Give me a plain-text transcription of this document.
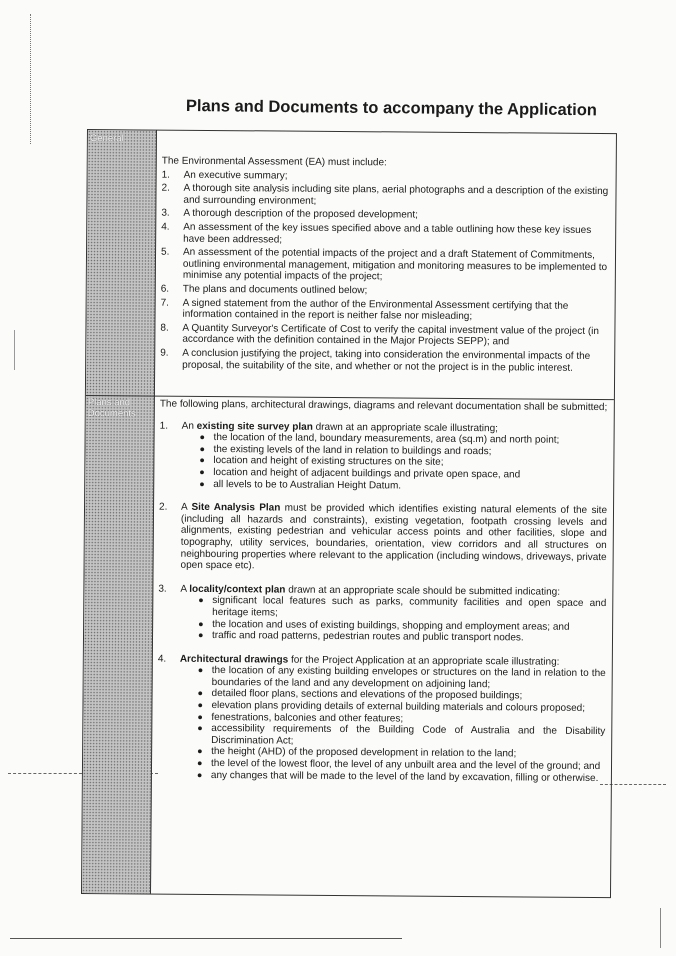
Plans and Documents to accompany the Application
General
Plans and
Documents

The Environmental Assessment (EA) must include:

1. An executive summary;
2. A thorough site analysis including site plans, aerial photographs and a description of the existing and surrounding environment;
3. A thorough description of the proposed development;
4. An assessment of the key issues specified above and a table outlining how these key issues have been addressed;
5. An assessment of the potential impacts of the project and a draft Statement of Commitments, outlining environmental management, mitigation and monitoring measures to be implemented to minimise any potential impacts of the project;
6. The plans and documents outlined below;
7. A signed statement from the author of the Environmental Assessment certifying that the information contained in the report is neither false nor misleading;
8. A Quantity Surveyor's Certificate of Cost to verify the capital investment value of the project (in accordance with the definition contained in the Major Projects SEPP); and
9. A conclusion justifying the project, taking into consideration the environmental impacts of the proposal, the suitability of the site, and whether or not the project is in the public interest.

The following plans, architectural drawings, diagrams and relevant documentation shall be submitted;

1. An existing site survey plan drawn at an appropriate scale illustrating;
● the location of the land, boundary measurements, area (sq.m) and north point;
● the existing levels of the land in relation to buildings and roads;
● location and height of existing structures on the site;
● location and height of adjacent buildings and private open space, and
● all levels to be to Australian Height Datum.
2. A Site Analysis Plan must be provided which identifies existing natural elements of the site (including all hazards and constraints), existing vegetation, footpath crossing levels and alignments, existing pedestrian and vehicular access points and other facilities, slope and topography, utility services, boundaries, orientation, view corridors and all structures on neighbouring properties where relevant to the application (including windows, driveways, private open space etc).
3. A locality/context plan drawn at an appropriate scale should be submitted indicating:
● significant local features such as parks, community facilities and open space and heritage items;
● the location and uses of existing buildings, shopping and employment areas; and
● traffic and road patterns, pedestrian routes and public transport nodes.
4. Architectural drawings for the Project Application at an appropriate scale illustrating:
● the location of any existing building envelopes or structures on the land in relation to the boundaries of the land and any development on adjoining land;
● detailed floor plans, sections and elevations of the proposed buildings;
● elevation plans providing details of external building materials and colours proposed;
● fenestrations, balconies and other features;
● accessibility requirements of the Building Code of Australia and the Disability Discrimination Act;
● the height (AHD) of the proposed development in relation to the land;
● the level of the lowest floor, the level of any unbuilt area and the level of the ground; and
● any changes that will be made to the level of the land by excavation, filling or otherwise.
